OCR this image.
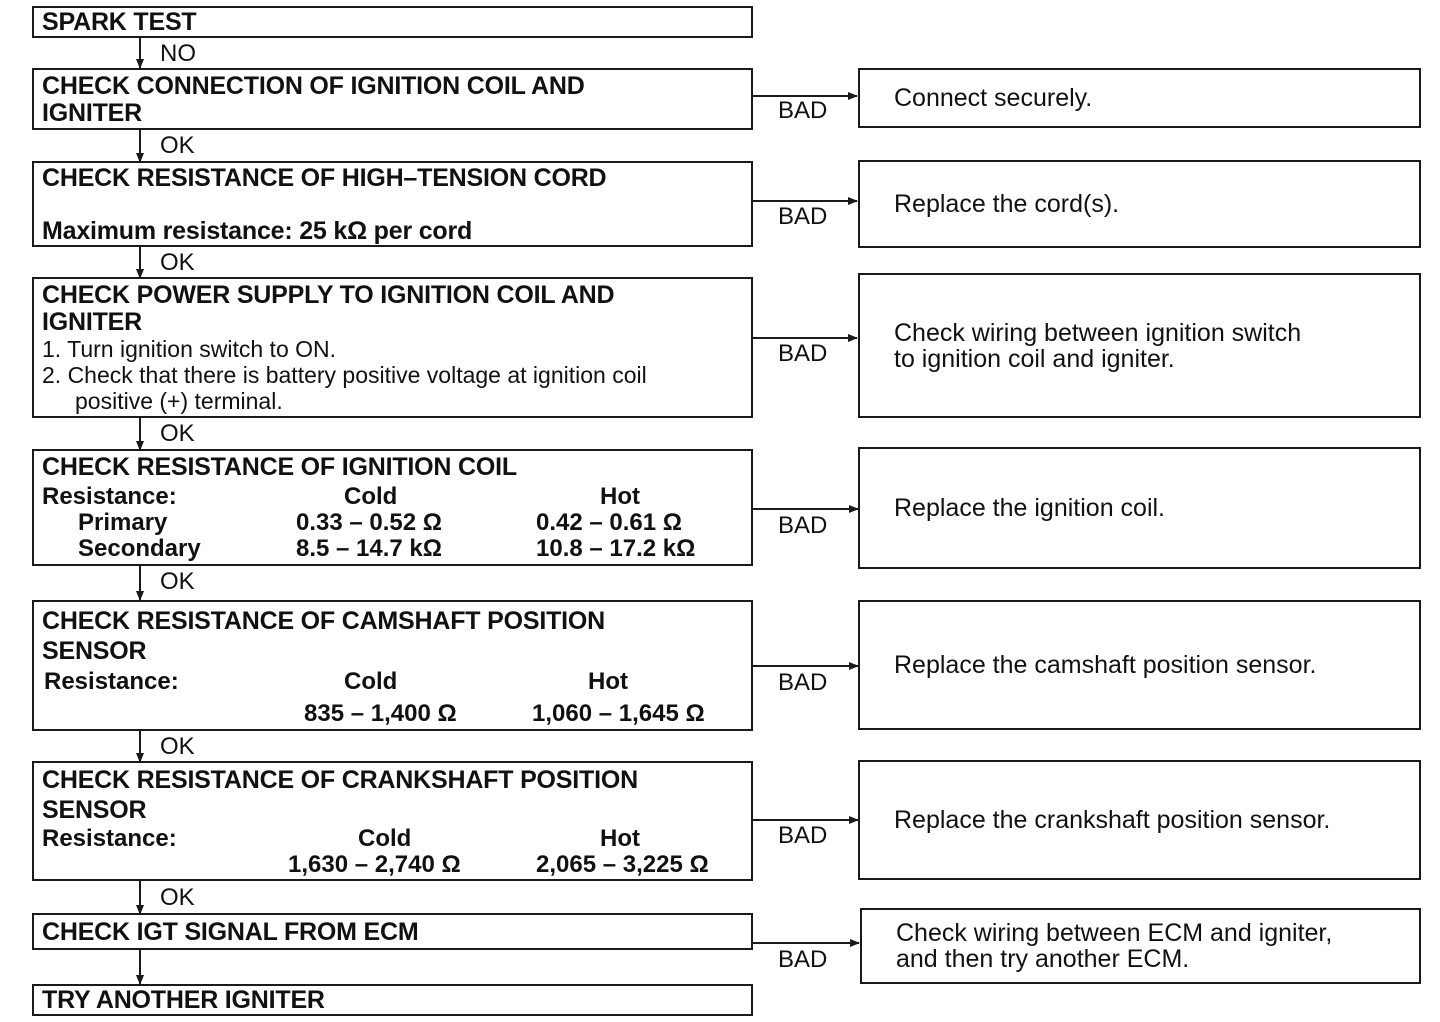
NO
OK
OK
OK
OK
OK
OK
BAD
BAD
BAD
BAD
BAD
BAD
BAD
SPARK TEST
CHECK CONNECTION OF IGNITION COIL AND
IGNITER
CHECK RESISTANCE OF HIGH–TENSION CORD
Maximum resistance: 25 kΩ per cord
CHECK POWER SUPPLY TO IGNITION COIL AND
IGNITER
1. Turn ignition switch to ON.
2. Check that there is battery positive voltage at ignition coil
positive (+) terminal.
CHECK RESISTANCE OF IGNITION COIL
Resistance:	Cold	Hot
Primary	0.33 – 0.52 Ω	0.42 – 0.61 Ω
Secondary	8.5 – 14.7 kΩ	10.8 – 17.2 kΩ
CHECK RESISTANCE OF CAMSHAFT POSITION
SENSOR
Resistance:	Cold	Hot
835 – 1,400 Ω	1,060 – 1,645 Ω
CHECK RESISTANCE OF CRANKSHAFT POSITION
SENSOR
Resistance:	Cold	Hot
1,630 – 2,740 Ω	2,065 – 3,225 Ω
CHECK IGT SIGNAL FROM ECM
TRY ANOTHER IGNITER
Connect securely.
Replace the cord(s).
Check wiring between ignition switch
to ignition coil and igniter.
Replace the ignition coil.
Replace the camshaft position sensor.
Replace the crankshaft position sensor.
Check wiring between ECM and igniter,
and then try another ECM.
